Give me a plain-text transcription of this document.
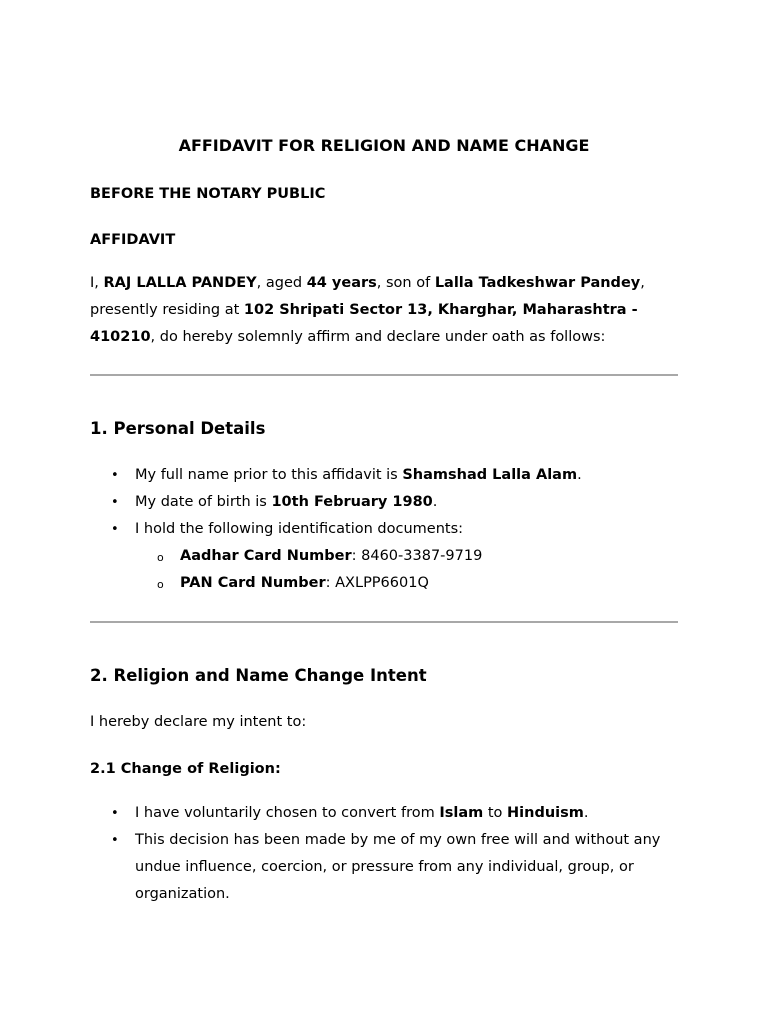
AFFIDAVIT FOR RELIGION AND NAME CHANGE

BEFORE THE NOTARY PUBLIC

AFFIDAVIT

I, RAJ LALLA PANDEY, aged 44 years, son of Lalla Tadkeshwar Pandey, presently residing at 102 Shripati Sector 13, Kharghar, Maharashtra - 410210, do hereby solemnly affirm and declare under oath as follows:

1. Personal Details
• My full name prior to this affidavit is Shamshad Lalla Alam.
• My date of birth is 10th February 1980.
• I hold the following identification documents:
o Aadhar Card Number: 8460-3387-9719
o PAN Card Number: AXLPP6601Q
2. Religion and Name Change Intent

I hereby declare my intent to:

2.1 Change of Religion:

• I have voluntarily chosen to convert from Islam to Hinduism.
• This decision has been made by me of my own free will and without any undue influence, coercion, or pressure from any individual, group, or organization.
